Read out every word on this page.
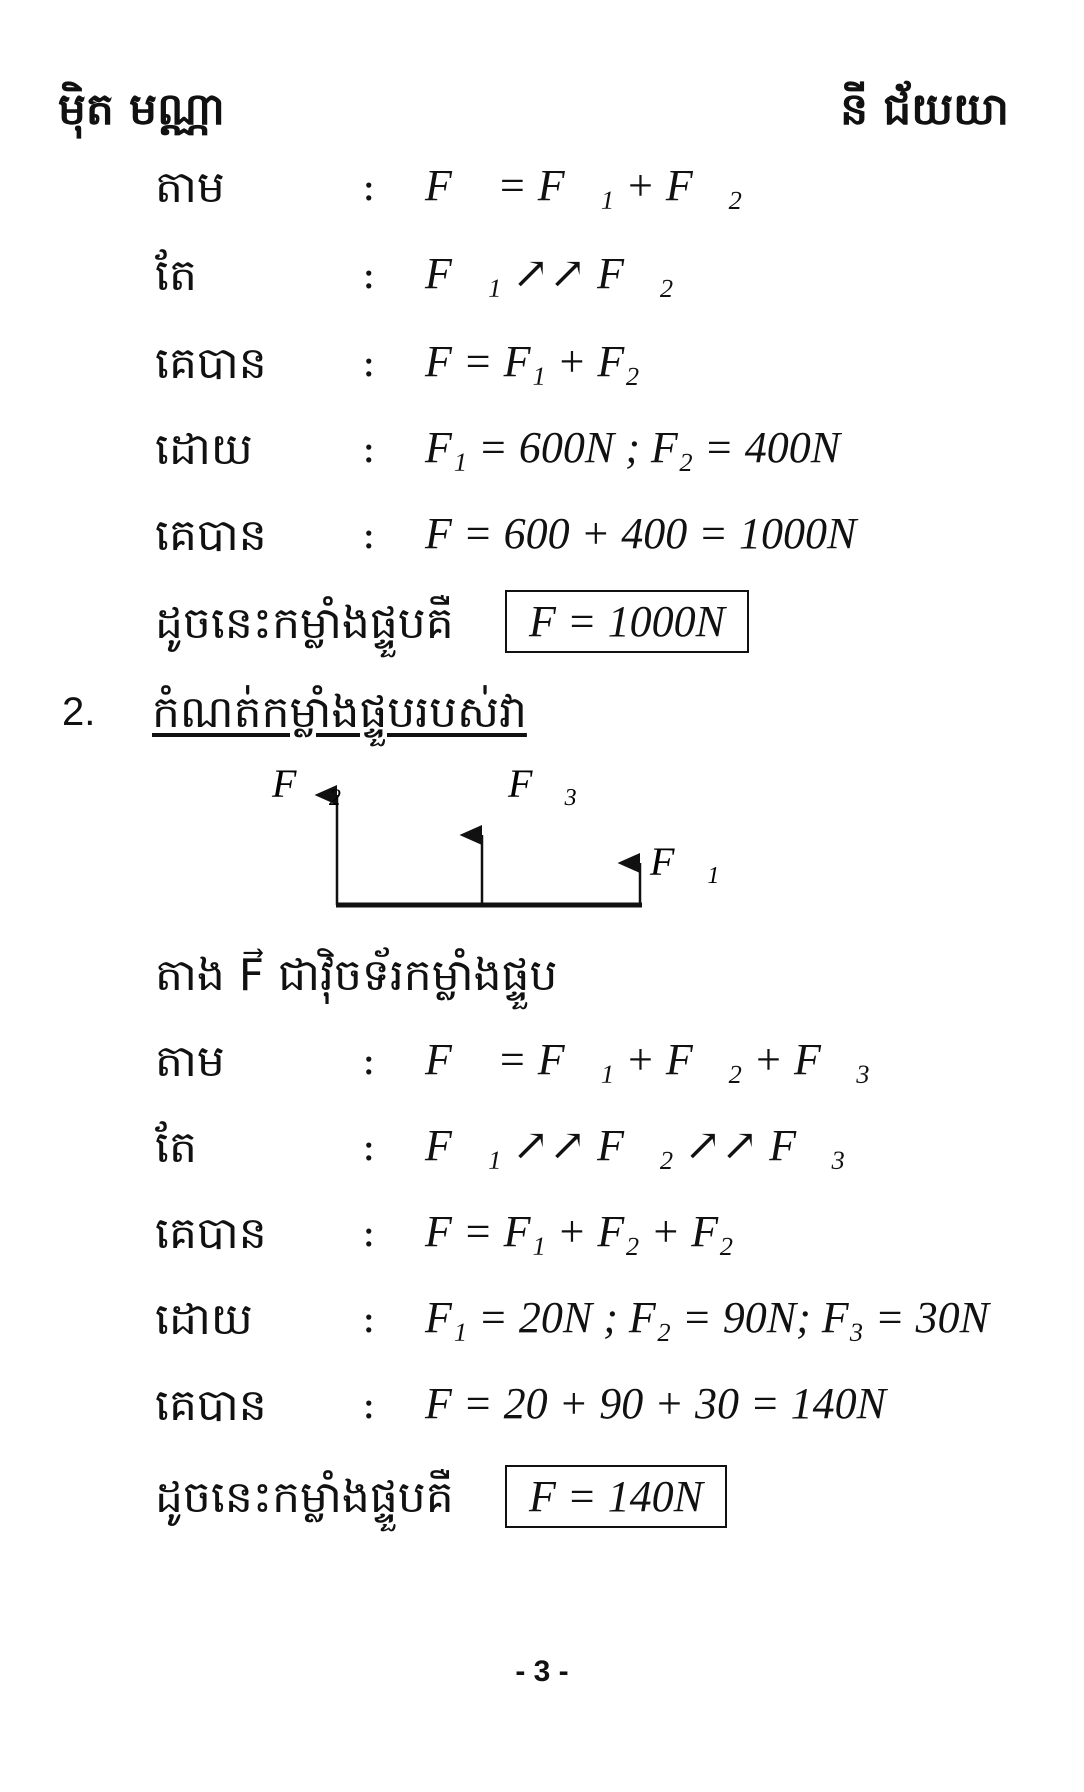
ម៉ិត មណ្ណា	នី ជ័យយា
តាម	: F⃗ = F⃗₁ + F⃗₂
តែ	: F⃗₁ ↗↗ F⃗₂
គេបាន : F = F₁ + F₂
ដោយ	: F₁ = 600N ; F₂ = 400N
គេបាន : F = 600 + 400 = 1000N
ដូចនេះកម្លាំងផ្ទួបគឺ	F = 1000N
2. កំណត់កម្លាំងផ្ទួបរបស់វា
F⃗₂	F⃗₃
F⃗₁
តាង F⃗ ជាវ៉ិចទ័រកម្លាំងផ្ទួប
តាម	: F⃗ = F⃗₁ + F⃗₂ + F⃗₃
តែ	: F⃗₁ ↗↗ F⃗₂ ↗↗ F⃗₃
គេបាន : F = F₁ + F₂ + F₂
ដោយ	: F₁ = 20N ; F₂ = 90N; F₃ = 30N
គេបាន : F = 20 + 90 + 30 = 140N
ដូចនេះកម្លាំងផ្ទួបគឺ	F = 140N
- 3 -
